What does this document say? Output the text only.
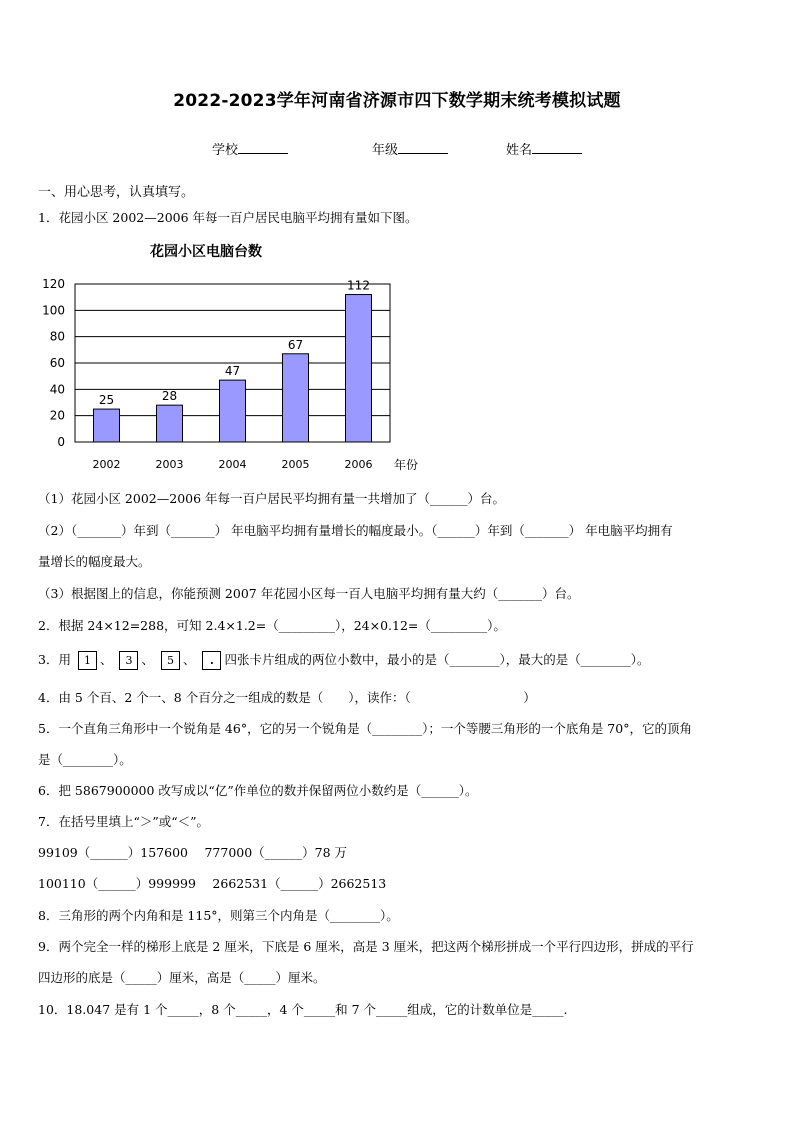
2022-2023学年河南省济源市四下数学期末统考模拟试题
学校	年级	姓名
一、用心思考，认真填写。
1．花园小区 2002—2006 年每一百户居民电脑平均拥有量如下图。
花园小区电脑台数
0
20
40
60
80
100
120
25
2002
28
2003
47
2004
67
2005
112
2006 年份
（1）花园小区 2002—2006 年每一百户居民平均拥有量一共增加了（______）台。
（2）（_______）年到（_______） 年电脑平均拥有量增长的幅度最小。（______）年到（_______） 年电脑平均拥有
量增长的幅度最大。
（3）根据图上的信息，你能预测 2007 年花园小区每一百人电脑平均拥有量大约（_______）台。
2．根据 24×12=288，可知 2.4×1.2=（_________），24×0.12=（_________）。
3．用 1 、 3 、 5 、 . 四张卡片组成的两位小数中，最小的是（________），最大的是（________）。
4．由 5 个百、2 个一、8 个百分之一组成的数是（　　），读作：（　　　　　　　　　）
5．一个直角三角形中一个锐角是 46°，它的另一个锐角是（________）；一个等腰三角形的一个底角是 70°，它的顶角
是（________）。
6．把 5867900000 改写成以“亿”作单位的数并保留两位小数约是（______）。
7．在括号里填上“＞”或“＜”。
99109（______）157600　 777000（______）78 万
100110（______）999999　 2662531（______）2662513
8．三角形的两个内角和是 115°，则第三个内角是（________）。
9．两个完全一样的梯形上底是 2 厘米，下底是 6 厘米，高是 3 厘米，把这两个梯形拼成一个平行四边形，拼成的平行
四边形的底是（_____）厘米，高是（_____）厘米。
10．18.047 是有 1 个_____，8 个_____，4 个_____和 7 个_____组成，它的计数单位是_____.
